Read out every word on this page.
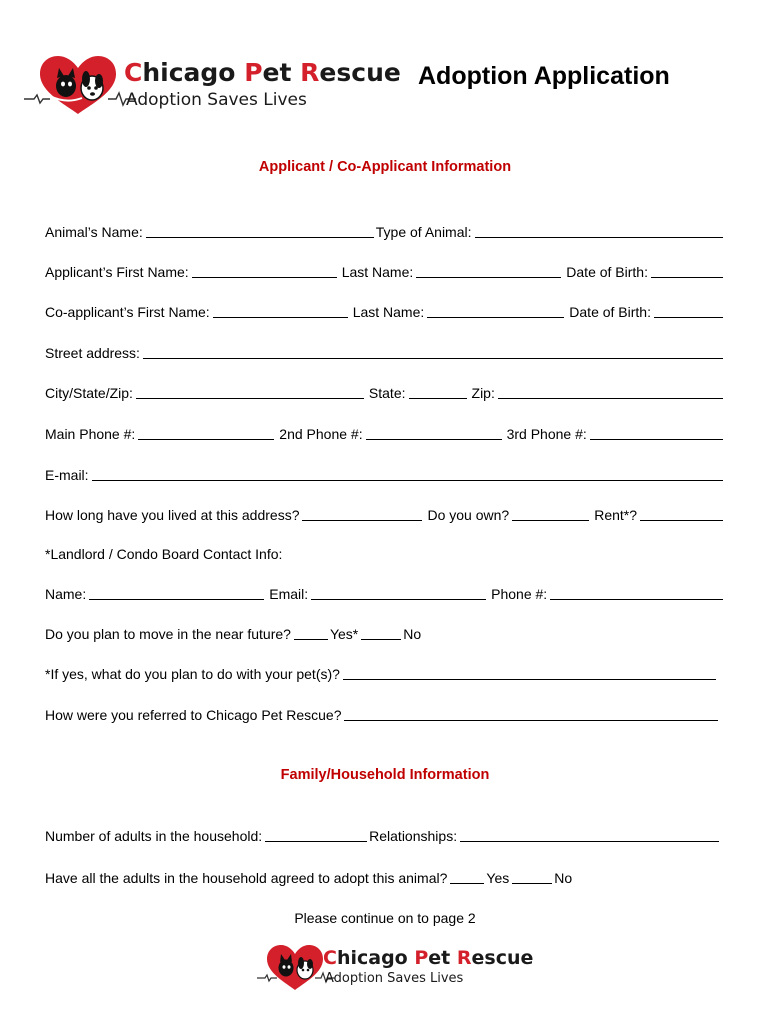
Chicago Pet Rescue
Adoption Saves Lives
Adoption Application
Applicant / Co-Applicant Information
Animal’s Name:	Type of Animal:
Applicant’s First Name:	Last Name:	Date of Birth:
Co-applicant’s First Name:	Last Name:	Date of Birth:
Street address:
City/State/Zip:	State:	Zip:
Main Phone #:	2nd Phone #:	3rd Phone #:
E-mail:
How long have you lived at this address?	Do you own?	Rent*?
*Landlord / Condo Board Contact Info:
Name:	Email:	Phone #:
Do you plan to move in the near future?	Yes*	No
*If yes, what do you plan to do with your pet(s)?
How were you referred to Chicago Pet Rescue?
Family/Household Information
Number of adults in the household:	Relationships:
Have all the adults in the household agreed to adopt this animal?	Yes	No
Please continue on to page 2
Chicago Pet Rescue
Adoption Saves Lives
